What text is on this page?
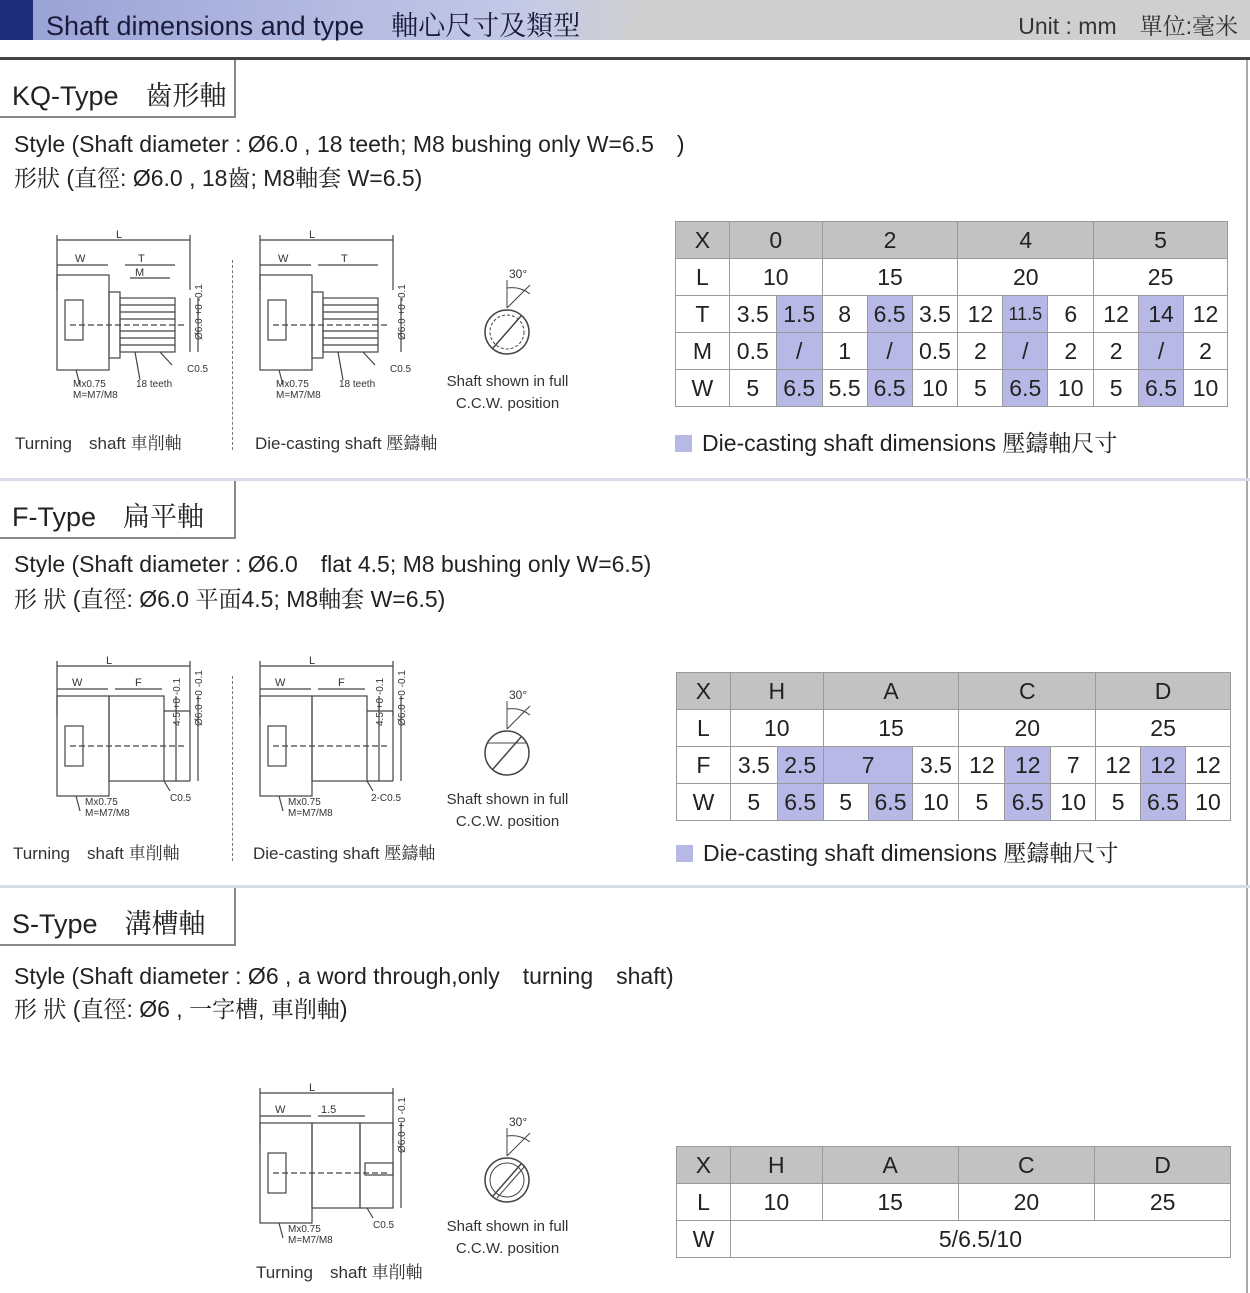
Shaft dimensions and type　軸心尺寸及類型	Unit : mm　單位:毫米
KQ-Type　齒形軸
Style (Shaft diameter : Ø6.0 , 18 teeth; M8 bushing only W=6.5　)
形狀 (直徑: Ø6.0 , 18齒; M8軸套 W=6.5)
L
W	T
M
Ø6.0 +0 -0.1
Mx0.75
M=M7/M8
18 teeth
C0.5
Turning　shaft 車削軸
L
W	T
Ø6.0 +0 -0.1
Mx0.75
M=M7/M8
18 teeth
C0.5
Die-casting shaft 壓鑄軸
30°
Shaft shown in full
C.C.W. position
X	0		2			4			5		
L	10		15			20			25		
T	3.5	1.5	8	6.5	3.5	12	11.5	6	12	14	12
M	0.5	/	1	/	0.5	2	/	2	2	/	2
W	5	6.5	5.5	6.5	10	5	6.5	10	5	6.5	10
Die-casting shaft dimensions 壓鑄軸尺寸
F-Type　扁平軸
Style (Shaft diameter : Ø6.0　flat 4.5; M8 bushing only W=6.5)
形 狀 (直徑: Ø6.0 平面4.5; M8軸套 W=6.5)
L
W	F	4.5 +0 -0.1 Ø6.0 +0 -0.1
Mx0.75
M=M7/M8
C0.5
Turning　shaft 車削軸
L
W	F	4.5 +0 -0.1 Ø6.0 +0 -0.1
Mx0.75
M=M7/M8
2-C0.5
Die-casting shaft 壓鑄軸
30°
Shaft shown in full
C.C.W. position
X	H		A			C			D		
L	10		15			20			25		
F	3.5	2.5	7		3.5	12	12	7	12	12	12
W	5	6.5	5	6.5	10	5	6.5	10	5	6.5	10
Die-casting shaft dimensions 壓鑄軸尺寸
S-Type　溝槽軸
Style (Shaft diameter : Ø6 , a word through,only　turning　shaft)
形 狀 (直徑: Ø6 , 一字槽, 車削軸)
L
W	1.5	Ø6.0 +0 -0.1
Mx0.75
M=M7/M8
C0.5
Turning　shaft 車削軸
30°
Shaft shown in full
C.C.W. position
X	H	A	C	D
L	10	15	20	25
W	5/6.5/10			
